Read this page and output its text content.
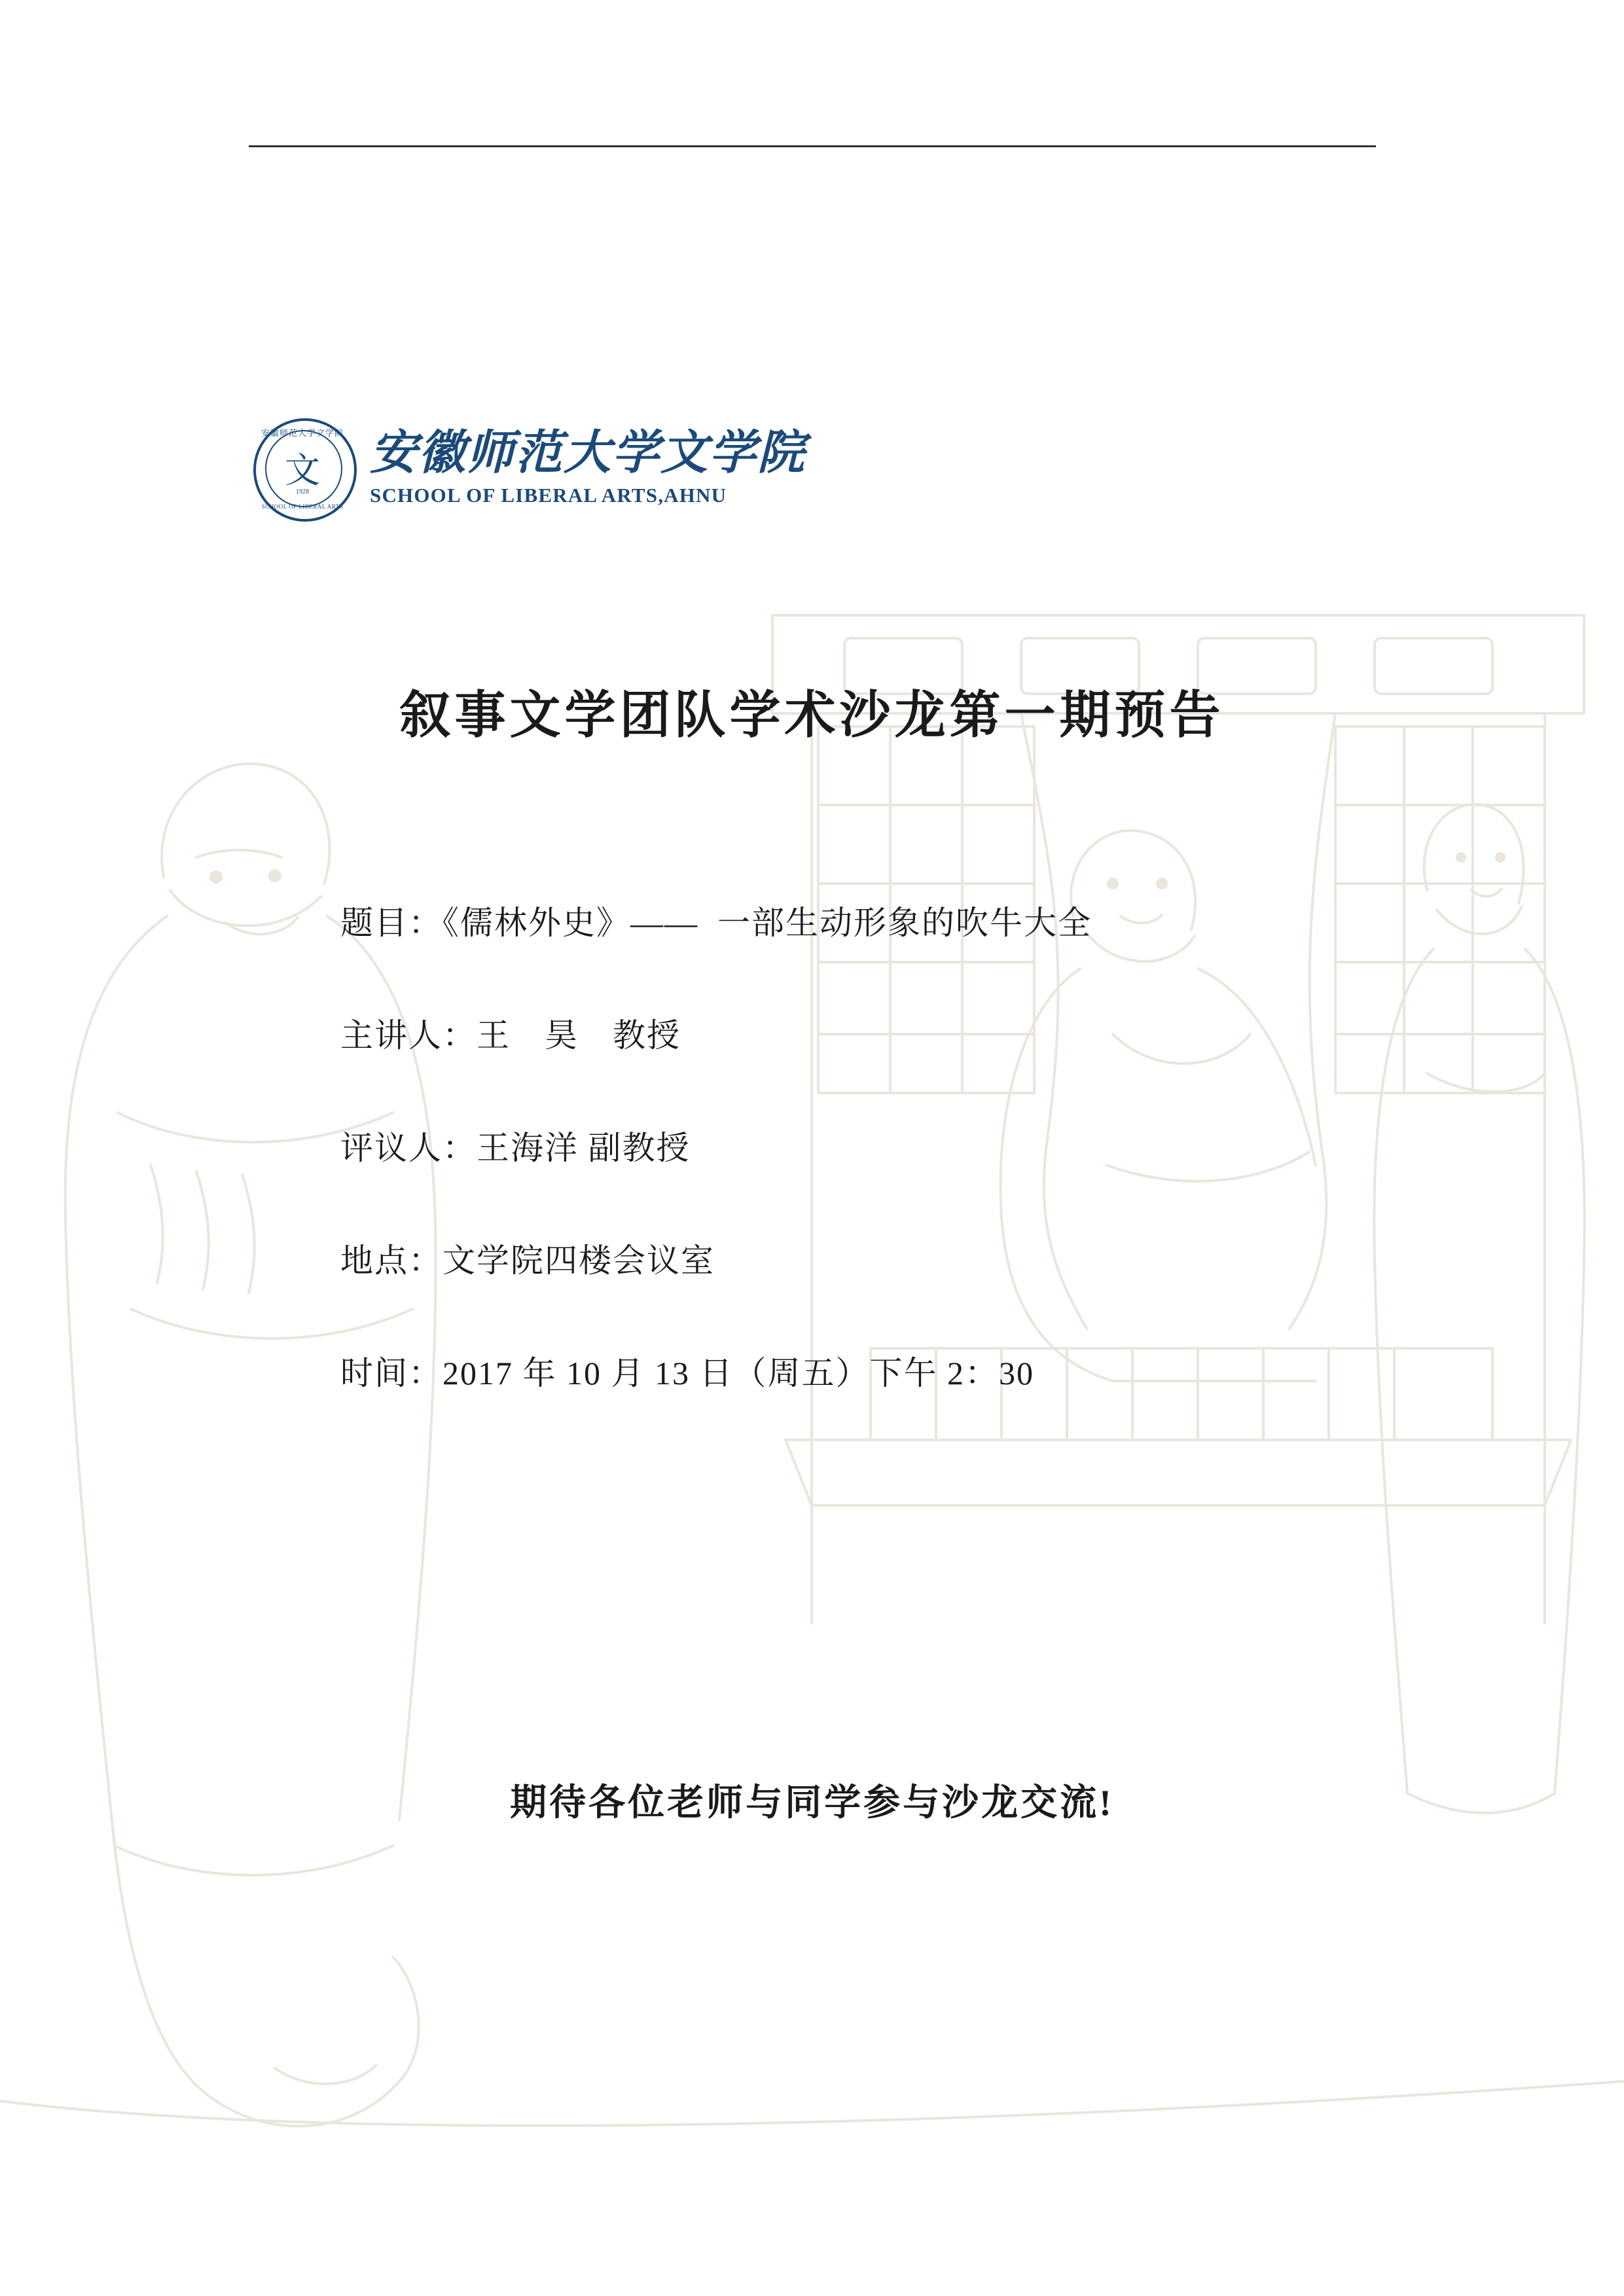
安徽师范大学文学院
文
1928
SCHOOL OF LIBERAL ARTS
安徽师范大学文学院
SCHOOL OF LIBERAL ARTS,AHNU
叙事文学团队学术沙龙第一期预告
题目：《儒林外史》——  一部生动形象的吹牛大全
主讲人：王　昊　教授
评议人：王海洋 副教授
地点：文学院四楼会议室
时间：2017 年 10 月 13 日（周五）下午 2：30
期待各位老师与同学参与沙龙交流!
